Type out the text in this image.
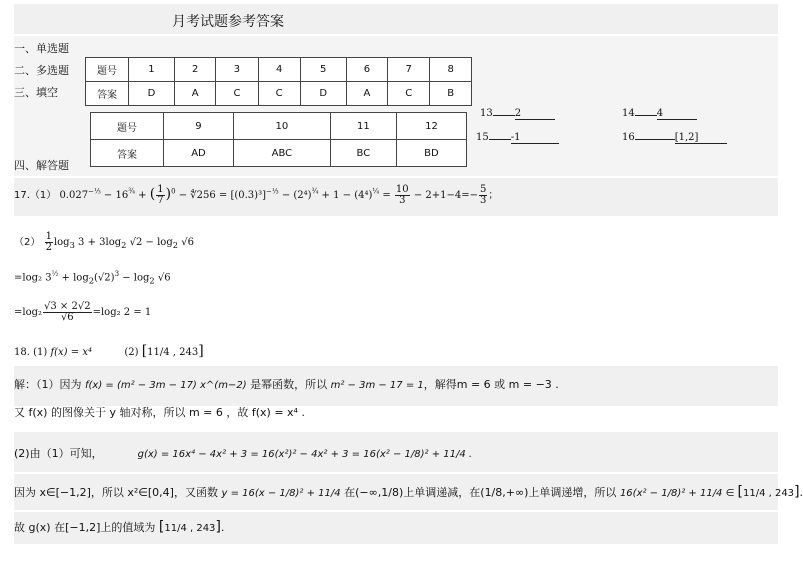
月考试题参考答案
一、单选题
二、多选题
三、填空
四、解答题
题号	1	2	3	4	5	6	7	8
答案	D	A	C	C	D	A	C	B
题号	9	10	11	12
答案	AD	ABC	BC	BD
13 2	14 4
15 -1	16	[1,2]
17.（1） $0.027^{-\frac{1}{3}} - 16^{\frac{3}{4}}$ + ( $\frac{1}{7} )^0$ − ∜256 = $[(0.3)^3]^{-\frac{1}{3}} - (2^4)^{\frac{3}{4}} + 1 - (4^4)^{\frac{1}{4}} = \frac{10}{3} - 2+1-4=- \frac{5}{3}$ ；
$(2) \frac{1}{2} \log_3 3 + 3\log_2$ $√2 - \log_2 √6$
=log₂ $3^{\frac{1}{2}} + \log_2(√2)^3 - \log_2 √6$
$=\log_2 \frac{√3 \times 2√2}{√6} =\log_2$ 2 = 1
18. (1) f(x) = x⁴	(2) [11/4 , 243]
解：（1）因为 f(x) = (m² − 3m − 17) x^(m−2) 是幂函数，所以 m² − 3m − 17 = 1，解得m = 6 或 m = −3 .
又 f(x) 的图像关于 y 轴对称，所以 m = 6 ，故 f(x) = x⁴ .
(2)由（1）可知，	g(x) = 16x⁴ − 4x² + 3 = 16(x²)² − 4x² + 3 = 16(x² − 1/8)² + 11/4 .
因为 x∈[−1,2]，所以 x²∈[0,4]，又函数 y = 16(x − 1/8)² + 11/4 在(−∞,1/8)上单调递减，在(1/8,+∞)上单调递增，所以 16(x² − 1/8)² + 11/4 ∈ [11/4 , 243].
故 g(x) 在[−1,2]上的值域为 [11/4 , 243].
